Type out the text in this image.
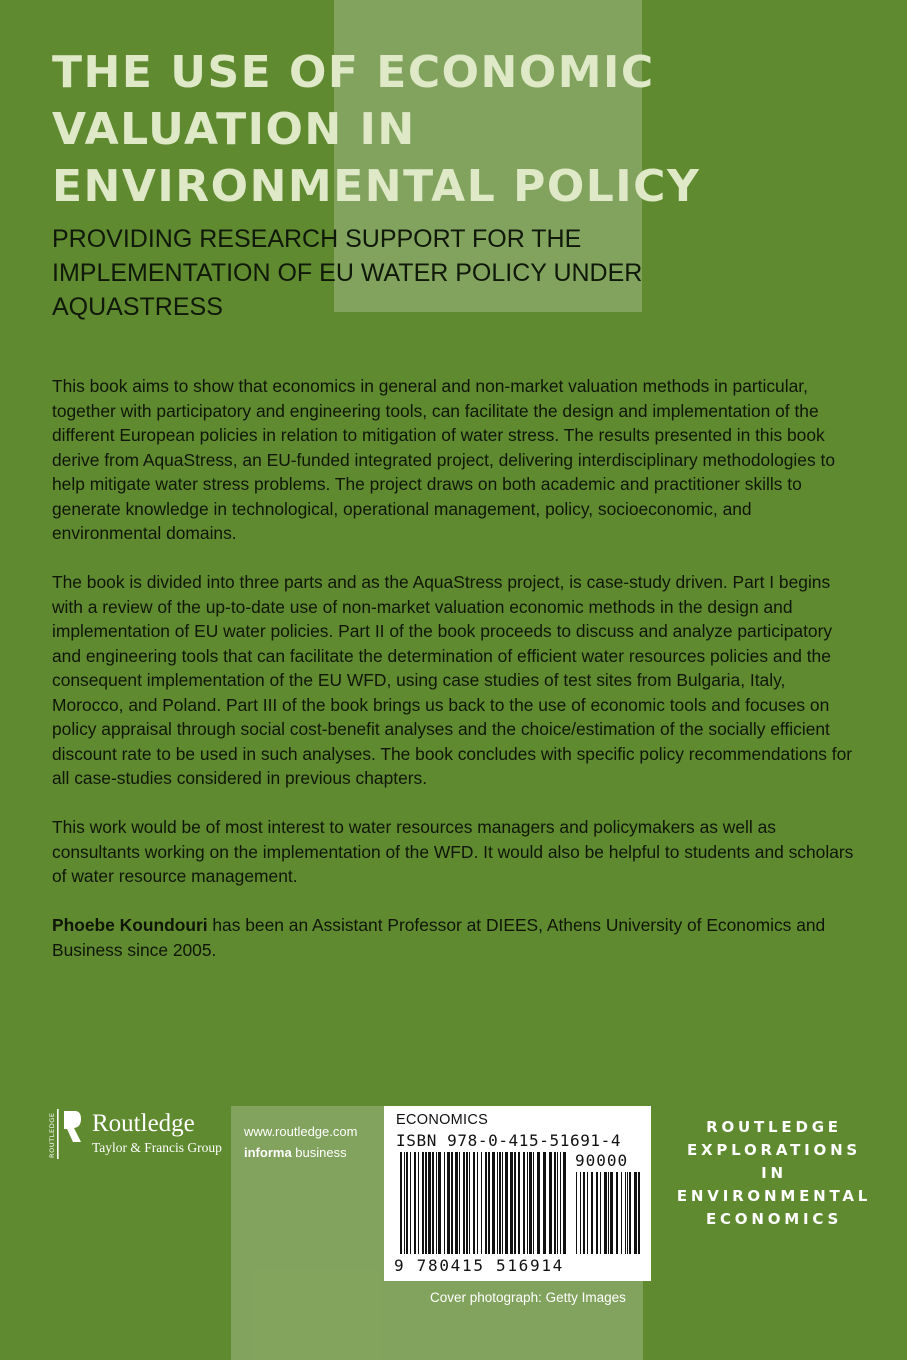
THE USE OF ECONOMIC
VALUATION IN
ENVIRONMENTAL POLICY
PROVIDING RESEARCH SUPPORT FOR THE
IMPLEMENTATION OF EU WATER POLICY UNDER
AQUASTRESS

This book aims to show that economics in general and non-market valuation methods in particular, together with participatory and engineering tools, can facilitate the design and implementation of the different European policies in relation to mitigation of water stress. The results presented in this book derive from AquaStress, an EU-funded integrated project, delivering interdisciplinary methodologies to help mitigate water stress problems. The project draws on both academic and practitioner skills to generate knowledge in technological, operational management, policy, socioeconomic, and environmental domains.

The book is divided into three parts and as the AquaStress project, is case-study driven. Part I begins with a review of the up-to-date use of non-market valuation economic methods in the design and implementation of EU water policies. Part II of the book proceeds to discuss and analyze participatory and engineering tools that can facilitate the determination of efficient water resources policies and the consequent implementation of the EU WFD, using case studies of test sites from Bulgaria, Italy, Morocco, and Poland. Part III of the book brings us back to the use of economic tools and focuses on policy appraisal through social cost-benefit analyses and the choice/estimation of the socially efficient discount rate to be used in such analyses. The book concludes with specific policy recommendations for all case-studies considered in previous chapters.

This work would be of most interest to water resources managers and policymakers as well as consultants working on the implementation of the WFD. It would also be helpful to students and scholars of water resource management.

Phoebe Koundouri has been an Assistant Professor at DIEES, Athens University of Economics and Business since 2005.

ROUTLEDGE Routledge
Taylor & Francis Group
www.routledge.com
informa business
ECONOMICS
ISBN 978-0-415-51691-4
90000
9 780415 516914
ROUTLEDGE
EXPLORATIONS
IN
ENVIRONMENTAL
ECONOMICS
Cover photograph: Getty Images
